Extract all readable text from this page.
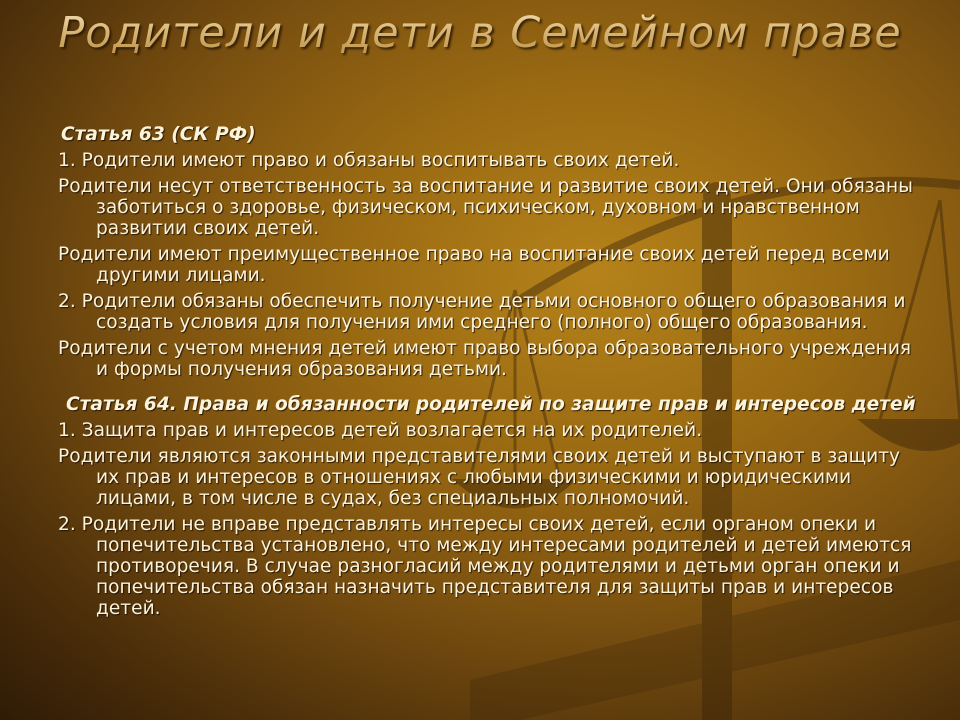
Родители и дети в Семейном праве
Статья 63 (СК РФ)
1. Родители имеют право и обязаны воспитывать своих детей.
Родители несут ответственность за воспитание и развитие своих детей. Они обязаны заботиться о здоровье, физическом, психическом, духовном и нравственном развитии своих детей.
Родители имеют преимущественное право на воспитание своих детей перед всеми другими лицами.
2. Родители обязаны обеспечить получение детьми основного общего образования и создать условия для получения ими среднего (полного) общего образования.
Родители с учетом мнения детей имеют право выбора образовательного учреждения и формы получения образования детьми.
Статья 64. Права и обязанности родителей по защите прав и интересов детей
1. Защита прав и интересов детей возлагается на их родителей.
Родители являются законными представителями своих детей и выступают в защиту их прав и интересов в отношениях с любыми физическими и юридическими лицами, в том числе в судах, без специальных полномочий.
2. Родители не вправе представлять интересы своих детей, если органом опеки и попечительства установлено, что между интересами родителей и детей имеются противоречия. В случае разногласий между родителями и детьми орган опеки и попечительства обязан назначить представителя для защиты прав и интересов детей.
